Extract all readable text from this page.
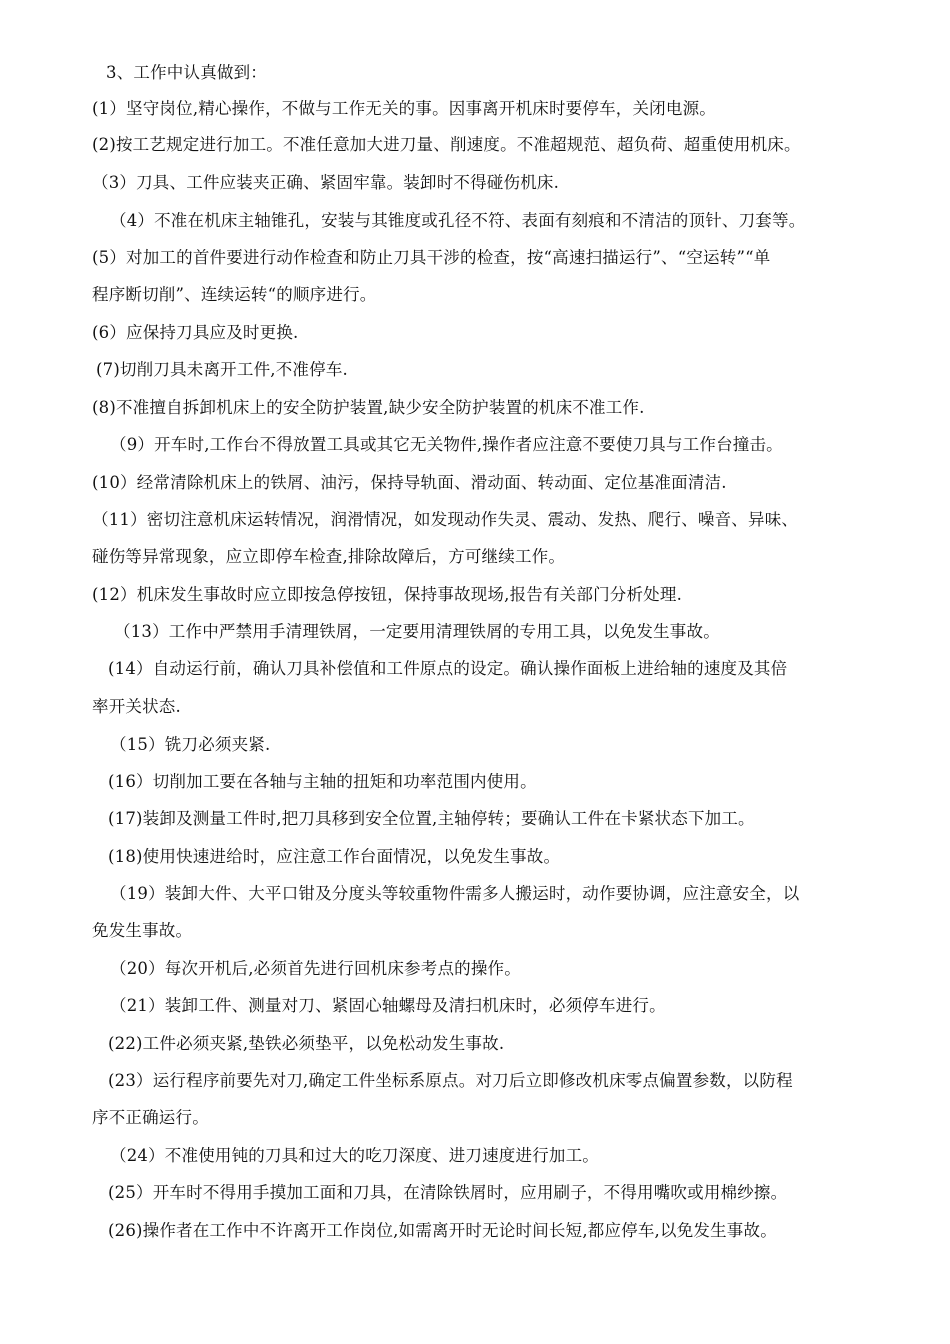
3、工作中认真做到：
(1）坚守岗位,精心操作，不做与工作无关的事。因事离开机床时要停车，关闭电源。
(2)按工艺规定进行加工。不准任意加大进刀量、削速度。不准超规范、超负荷、超重使用机床。
（3）刀具、工件应装夹正确、紧固牢靠。装卸时不得碰伤机床.
（4）不准在机床主轴锥孔，安装与其锥度或孔径不符、表面有刻痕和不清洁的顶针、刀套等。
(5）对加工的首件要进行动作检查和防止刀具干涉的检查，按“高速扫描运行”、“空运转”“单
程序断切削”、连续运转“的顺序进行。
(6）应保持刀具应及时更换.
(7)切削刀具未离开工件,不准停车.
(8)不准擅自拆卸机床上的安全防护装置,缺少安全防护装置的机床不准工作.
（9）开车时,工作台不得放置工具或其它无关物件,操作者应注意不要使刀具与工作台撞击。
(10）经常清除机床上的铁屑、油污，保持导轨面、滑动面、转动面、定位基准面清洁.
（11）密切注意机床运转情况，润滑情况，如发现动作失灵、震动、发热、爬行、噪音、异味、
碰伤等异常现象，应立即停车检查,排除故障后，方可继续工作。
(12）机床发生事故时应立即按急停按钮，保持事故现场,报告有关部门分析处理.
（13）工作中严禁用手清理铁屑，一定要用清理铁屑的专用工具，以免发生事故。
(14）自动运行前，确认刀具补偿值和工件原点的设定。确认操作面板上进给轴的速度及其倍
率开关状态.
（15）铣刀必须夹紧.
(16）切削加工要在各轴与主轴的扭矩和功率范围内使用。
(17)装卸及测量工件时,把刀具移到安全位置,主轴停转；要确认工件在卡紧状态下加工。
(18)使用快速进给时，应注意工作台面情况，以免发生事故。
（19）装卸大件、大平口钳及分度头等较重物件需多人搬运时，动作要协调，应注意安全，以
免发生事故。
（20）每次开机后,必须首先进行回机床参考点的操作。
（21）装卸工件、测量对刀、紧固心轴螺母及清扫机床时，必须停车进行。
(22)工件必须夹紧,垫铁必须垫平，以免松动发生事故.
(23）运行程序前要先对刀,确定工件坐标系原点。对刀后立即修改机床零点偏置参数，以防程
序不正确运行。
（24）不准使用钝的刀具和过大的吃刀深度、进刀速度进行加工。
(25）开车时不得用手摸加工面和刀具，在清除铁屑时，应用刷子，不得用嘴吹或用棉纱擦。
(26)操作者在工作中不许离开工作岗位,如需离开时无论时间长短,都应停车,以免发生事故。
